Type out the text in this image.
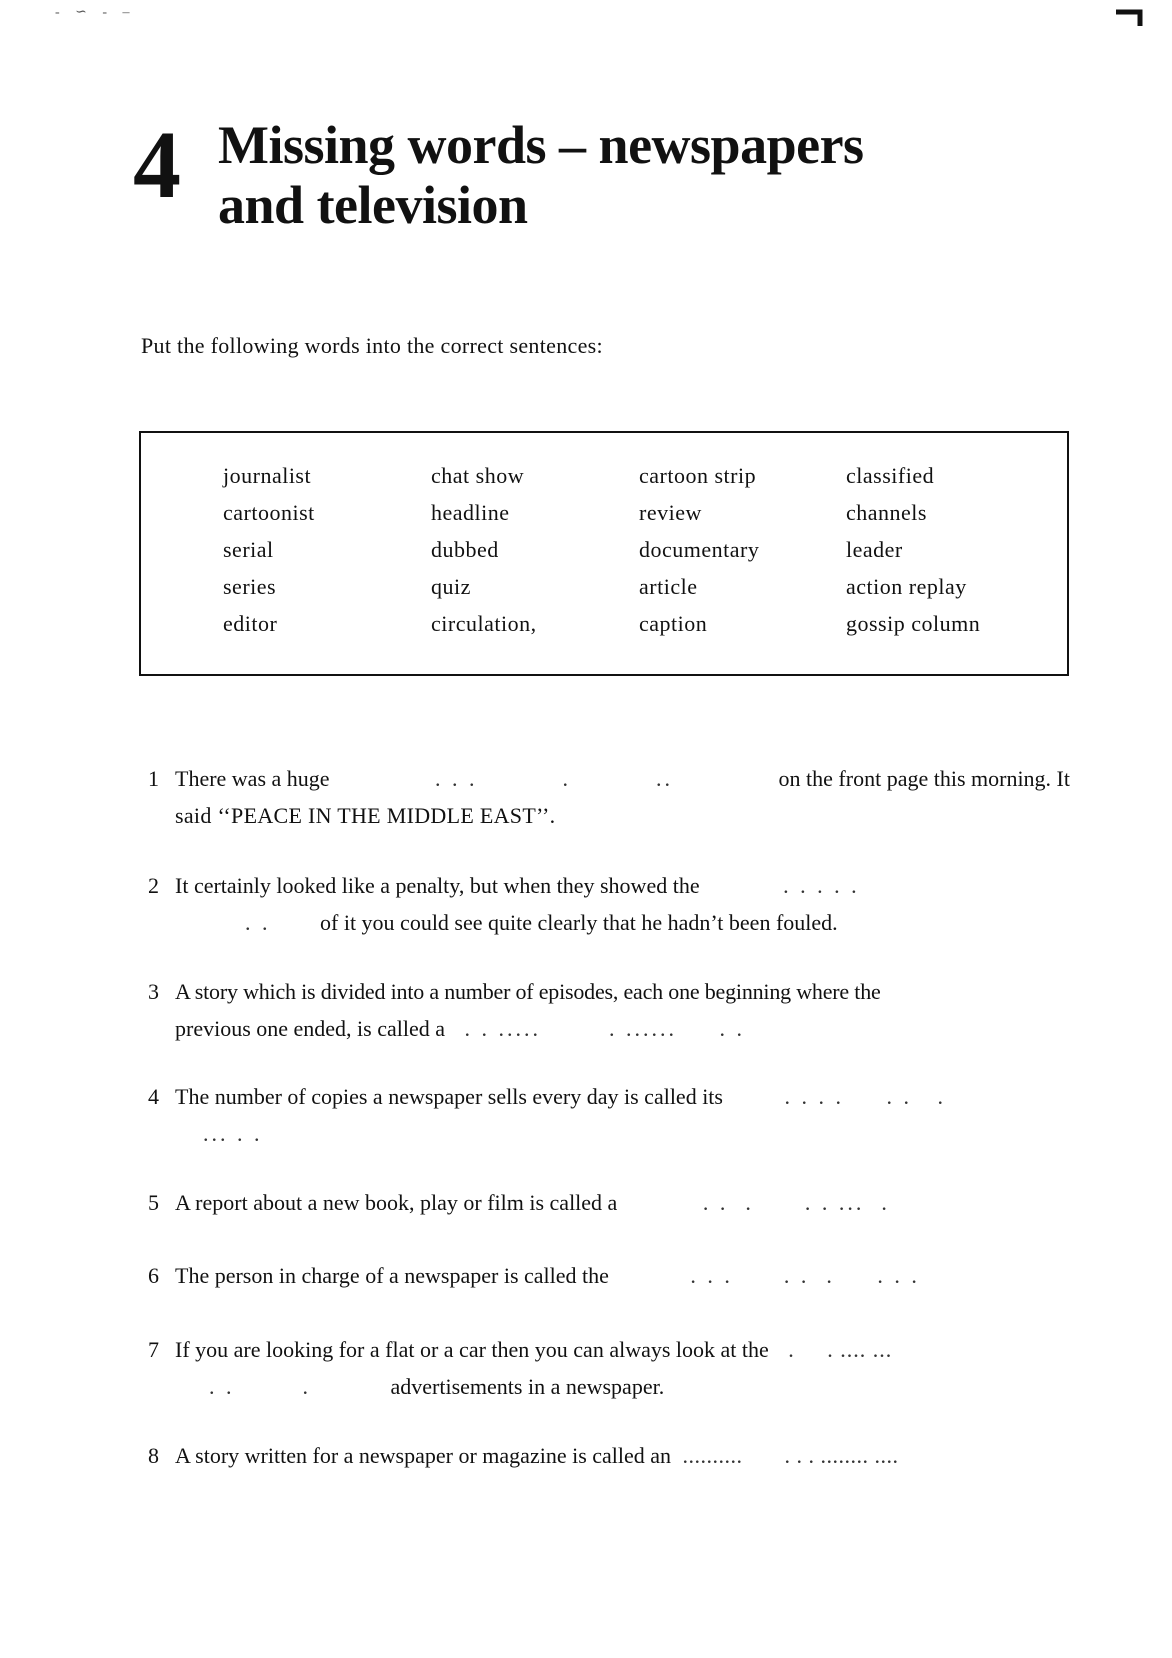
- ∽ - –
4 Missing words – newspapers
and television
Put the following words into the correct sentences:
journalist	chat show	cartoon strip	classified
cartoonist	headline	review	channels
serial	dubbed	documentary	leader
series	quiz	article	action replay
editor	circulation,	caption	gossip column
1 There was a huge	. . .          .          ..	on the front page this morning. It
said ‘‘PEACE IN THE MIDDLE EAST’’.
2 It certainly looked like a penalty, but when they showed the	. . . . .
. . of it you could see quite clearly that he hadn’t been fouled.
3 A story which is divided into a number of episodes, each one beginning where the
previous one ended, is called a . . .....        . ......     . .
4 The number of copies a newspaper sells every day is called its	. . . .     . .   .
... . .
5 A report about a new book, play or film is called a	. .  .      . . ...  .
6 The person in charge of a newspaper is called the	. . .      . .  .     . . .
7 If you are looking for a flat or a car then you can always look at the .     . .... ...
. .        .	advertisements in a newspaper.
8 A story written for a newspaper or magazine is called an ..........       . . . ........ ....
